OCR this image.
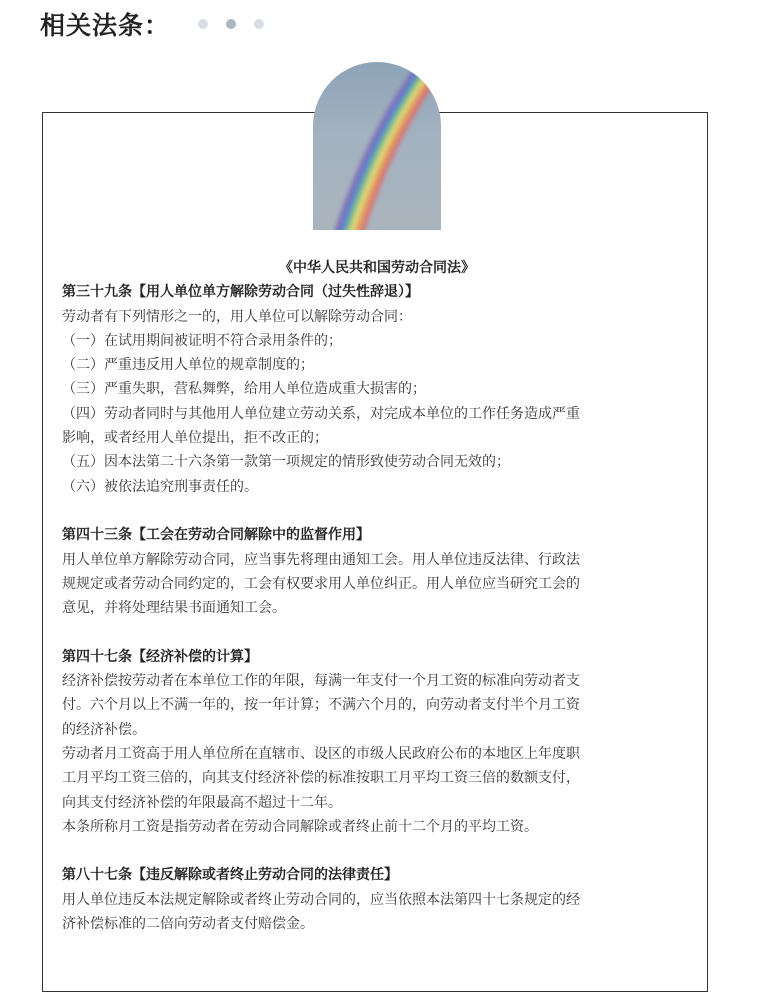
相关法条：
《中华人民共和国劳动合同法》
第三十九条【用人单位单方解除劳动合同（过失性辞退）】
劳动者有下列情形之一的，用人单位可以解除劳动合同：
（一）在试用期间被证明不符合录用条件的；
（二）严重违反用人单位的规章制度的；
（三）严重失职，营私舞弊，给用人单位造成重大损害的；
（四）劳动者同时与其他用人单位建立劳动关系，对完成本单位的工作任务造成严重
影响，或者经用人单位提出，拒不改正的；
（五）因本法第二十六条第一款第一项规定的情形致使劳动合同无效的；
（六）被依法追究刑事责任的。
第四十三条【工会在劳动合同解除中的监督作用】
用人单位单方解除劳动合同，应当事先将理由通知工会。用人单位违反法律、行政法
规规定或者劳动合同约定的，工会有权要求用人单位纠正。用人单位应当研究工会的
意见，并将处理结果书面通知工会。
第四十七条【经济补偿的计算】
经济补偿按劳动者在本单位工作的年限，每满一年支付一个月工资的标准向劳动者支
付。六个月以上不满一年的，按一年计算；不满六个月的，向劳动者支付半个月工资
的经济补偿。
劳动者月工资高于用人单位所在直辖市、设区的市级人民政府公布的本地区上年度职
工月平均工资三倍的，向其支付经济补偿的标准按职工月平均工资三倍的数额支付，
向其支付经济补偿的年限最高不超过十二年。
本条所称月工资是指劳动者在劳动合同解除或者终止前十二个月的平均工资。
第八十七条【违反解除或者终止劳动合同的法律责任】
用人单位违反本法规定解除或者终止劳动合同的，应当依照本法第四十七条规定的经
济补偿标准的二倍向劳动者支付赔偿金。
